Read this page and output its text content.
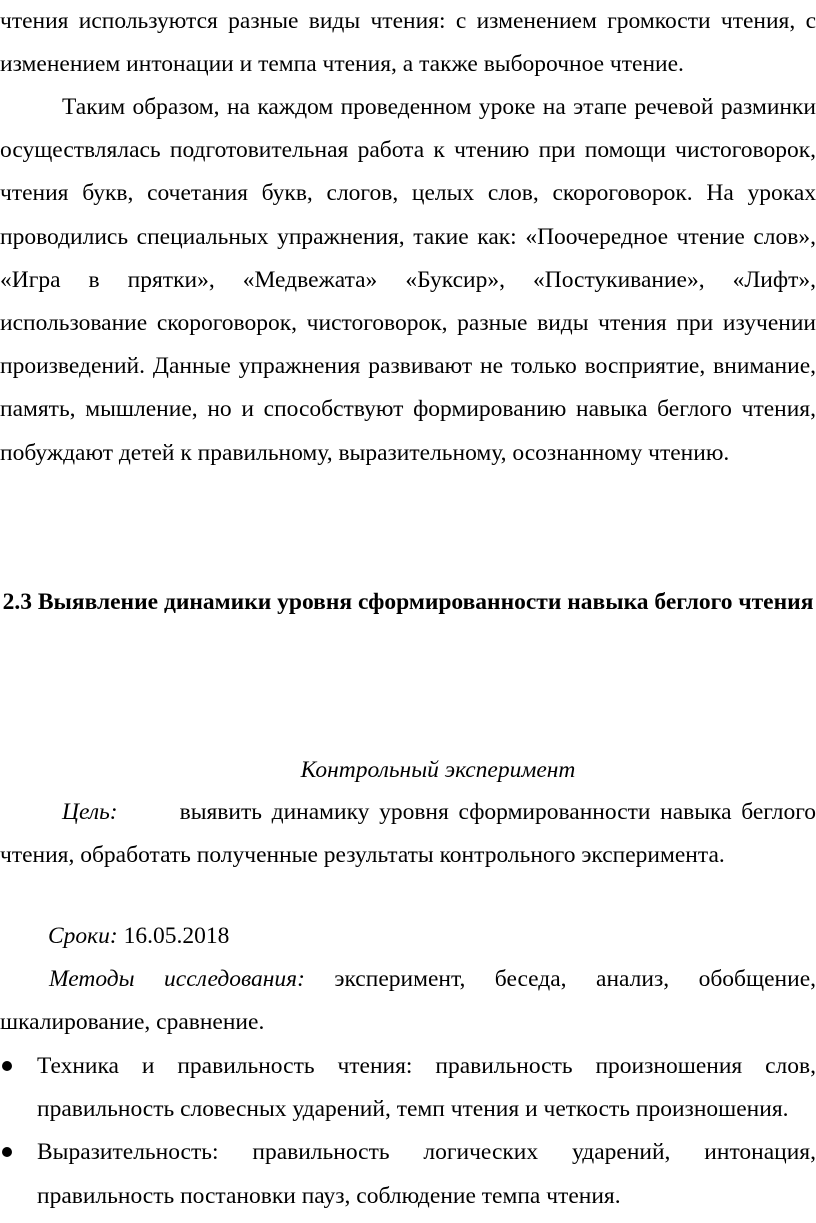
чтения используются разные виды чтения: с изменением громкости чтения, с изменением интонации и темпа чтения, а также выборочное чтение.

Таким образом, на каждом проведенном уроке на этапе речевой разминки осуществлялась подготовительная работа к чтению при помощи чистоговорок, чтения букв, сочетания букв, слогов, целых слов, скороговорок. На уроках проводились специальных упражнения, такие как: «Поочередное чтение слов», «Игра в прятки», «Медвежата» «Буксир», «Постукивание», «Лифт», использование скороговорок, чистоговорок, разные виды чтения при изучении произведений. Данные упражнения развивают не только восприятие, внимание, память, мышление, но и способствуют формированию навыка беглого чтения, побуждают детей к правильному, выразительному, осознанному чтению.

2.3 Выявление динамики уровня сформированности навыка беглого чтения
Контрольный эксперимент

Цель:	выявить динамику уровня сформированности навыка беглого чтения, обработать полученные результаты контрольного эксперимента.

Сроки: 16.05.2018

Методы исследования: эксперимент, беседа, анализ, обобщение, шкалирование, сравнение.

Техника и правильность чтения: правильность произношения слов, правильность словесных ударений, темп чтения и четкость произношения.
Выразительность: правильность логических ударений, интонация, правильность постановки пауз, соблюдение темпа чтения.
